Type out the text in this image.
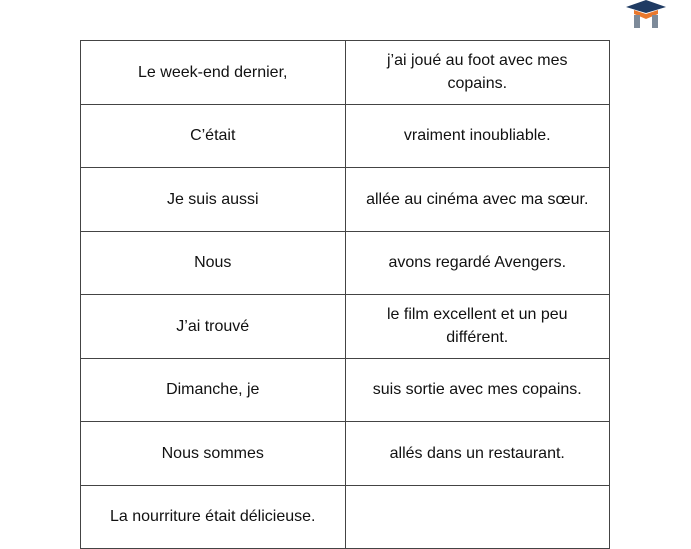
Le week-end dernier,	j’ai joué au foot avec mes copains.
C’était	vraiment inoubliable.
Je suis aussi	allée au cinéma avec ma sœur.
Nous	avons regardé Avengers.
J’ai trouvé	le film excellent et un peu différent.
Dimanche, je	suis sortie avec mes copains.
Nous sommes	allés dans un restaurant.
La nourriture était délicieuse.	
